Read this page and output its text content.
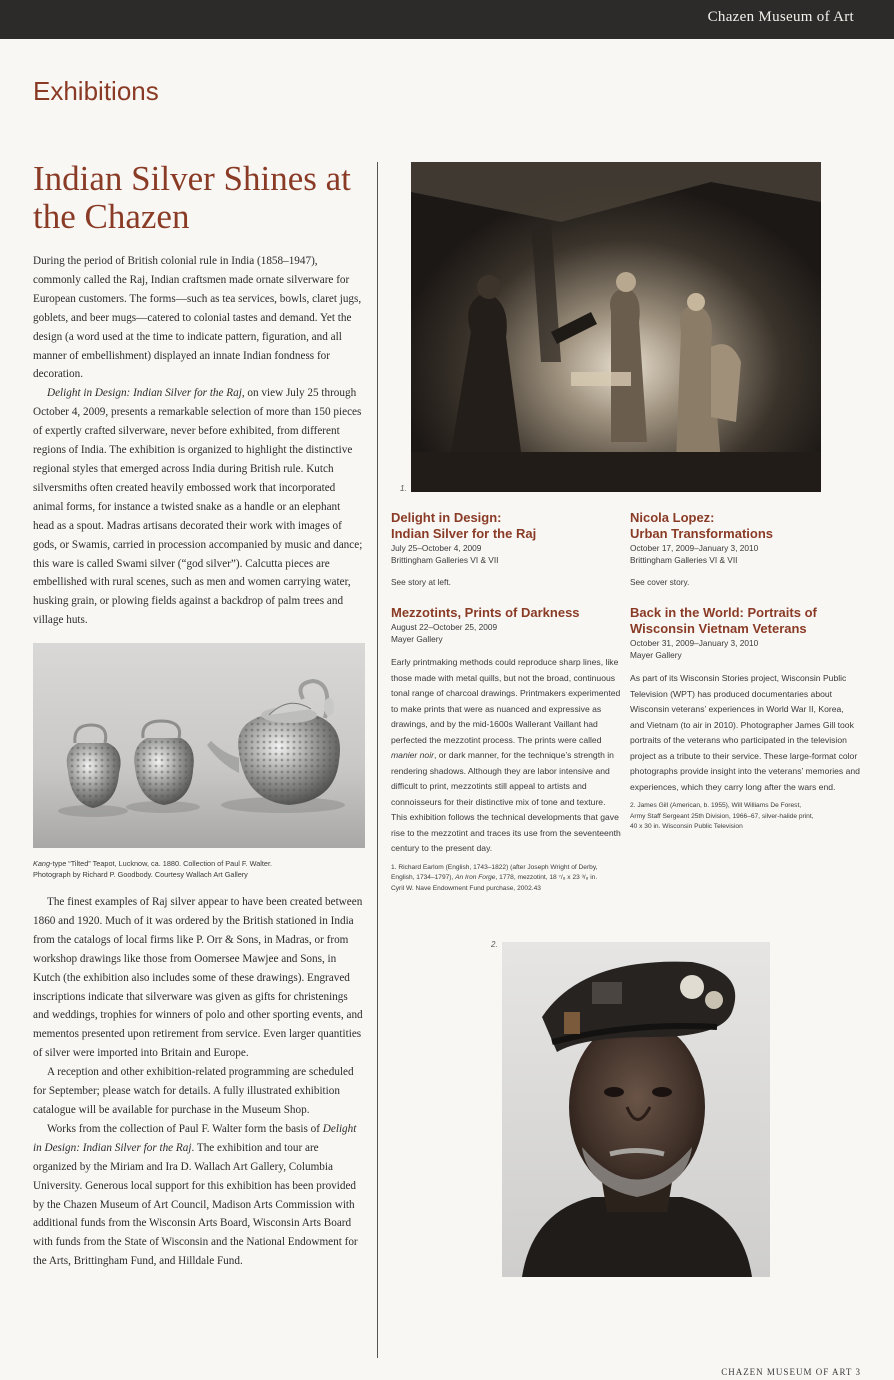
Chazen Museum of Art
Exhibitions
Indian Silver Shines at the Chazen

During the period of British colonial rule in India (1858–1947), commonly called the Raj, Indian craftsmen made ornate silverware for European customers. The forms—such as tea services, bowls, claret jugs, goblets, and beer mugs—catered to colonial tastes and demand. Yet the design (a word used at the time to indicate pattern, figuration, and all manner of embellishment) displayed an innate Indian fondness for decoration.

Delight in Design: Indian Silver for the Raj, on view July 25 through October 4, 2009, presents a remarkable selection of more than 150 pieces of expertly crafted silverware, never before exhibited, from different regions of India. The exhibition is organized to highlight the distinctive regional styles that emerged across India during British rule. Kutch silversmiths often created heavily embossed work that incorporated animal forms, for instance a twisted snake as a handle or an elephant head as a spout. Madras artisans decorated their work with images of gods, or Swamis, carried in procession accompanied by music and dance; this ware is called Swami silver (“god silver”). Calcutta pieces are embellished with rural scenes, such as men and women carrying water, husking grain, or plowing fields against a backdrop of palm trees and village huts.

Kang-type “Tilted” Teapot, Lucknow, ca. 1880. Collection of Paul F. Walter.
Photograph by Richard P. Goodbody. Courtesy Wallach Art Gallery

The finest examples of Raj silver appear to have been created between 1860 and 1920. Much of it was ordered by the British stationed in India from the catalogs of local firms like P. Orr & Sons, in Madras, or from workshop drawings like those from Oomersee Mawjee and Sons, in Kutch (the exhibition also includes some of these drawings). Engraved inscriptions indicate that silverware was given as gifts for christenings and weddings, trophies for winners of polo and other sporting events, and mementos presented upon retirement from service. Even larger quantities of silver were imported into Britain and Europe.

A reception and other exhibition-related programming are scheduled for September; please watch for details. A fully illustrated exhibition catalogue will be available for purchase in the Museum Shop.

Works from the collection of Paul F. Walter form the basis of Delight in Design: Indian Silver for the Raj. The exhibition and tour are organized by the Miriam and Ira D. Wallach Art Gallery, Columbia University. Generous local support for this exhibition has been provided by the Chazen Museum of Art Council, Madison Arts Commission with additional funds from the Wisconsin Arts Board, Wisconsin Arts Board with funds from the State of Wisconsin and the National Endowment for the Arts, Brittingham Fund, and Hilldale Fund.

1.
Delight in Design:
Indian Silver for the Raj
July 25–October 4, 2009
Brittingham Galleries VI & VII
See story at left.
Nicola Lopez:
Urban Transformations
October 17, 2009–January 3, 2010
Brittingham Galleries VI & VII
See cover story.
Mezzotints, Prints of Darkness
August 22–October 25, 2009
Mayer Gallery
Early printmaking methods could reproduce sharp lines, like those made with metal quills, but not the broad, continuous tonal range of charcoal drawings. Printmakers experimented to make prints that were as nuanced and expressive as drawings, and by the mid-1600s Wallerant Vaillant had perfected the mezzotint process. The prints were called manier noir, or dark manner, for the technique’s strength in rendering shadows. Although they are labor intensive and difficult to print, mezzotints still appeal to artists and connoisseurs for their distinctive mix of tone and texture. This exhibition follows the technical developments that gave rise to the mezzotint and traces its use from the seventeenth century to the present day.
1. Richard Earlom (English, 1743–1822) (after Joseph Wright of Derby, English, 1734–1797), An Iron Forge, 1778, mezzotint, 18 ⁷/₈ x 23 ³/₈ in.
Cyril W. Nave Endowment Fund purchase, 2002.43
Back in the World: Portraits of
Wisconsin Vietnam Veterans
October 31, 2009–January 3, 2010
Mayer Gallery
As part of its Wisconsin Stories project, Wisconsin Public Television (WPT) has produced documentaries about Wisconsin veterans’ experiences in World War II, Korea, and Vietnam (to air in 2010). Photographer James Gill took portraits of the veterans who participated in the television project as a tribute to their service. These large-format color photographs provide insight into the veterans’ memories and experiences, which they carry long after the wars end.
2. James Gill (American, b. 1955), Will Williams De Forest,
Army Staff Sergeant 25th Division, 1966–67, silver-halide print,
40 x 30 in. Wisconsin Public Television
2.
CHAZEN MUSEUM OF ART 3
